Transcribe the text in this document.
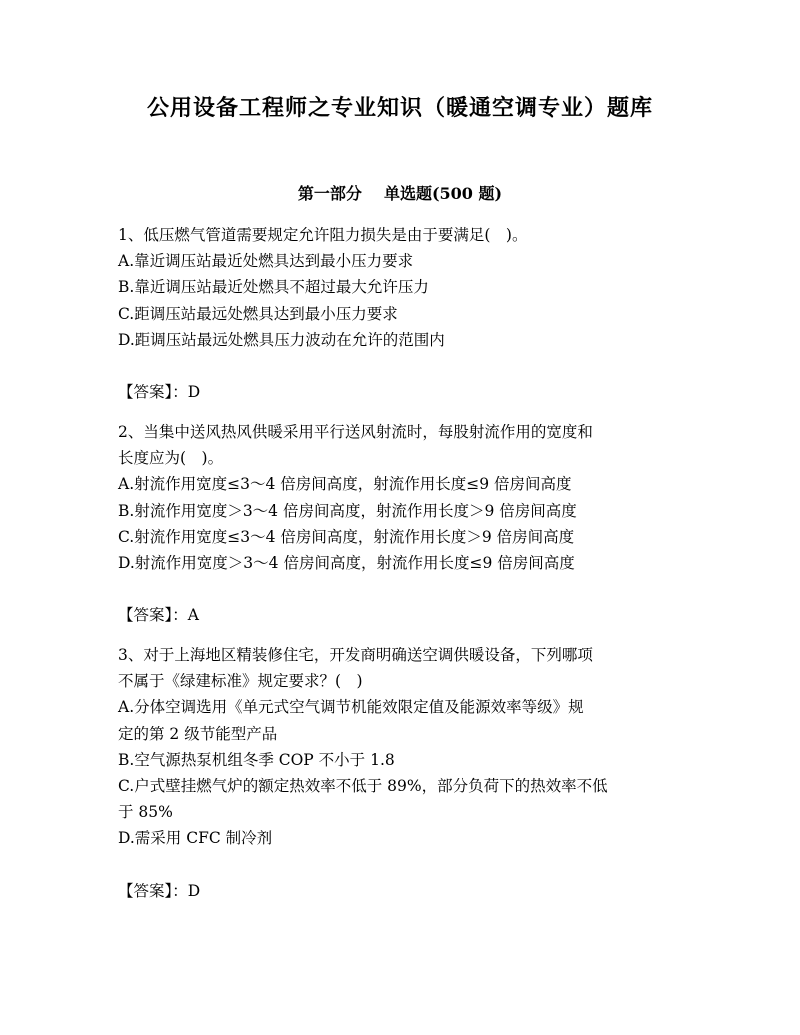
公用设备工程师之专业知识（暖通空调专业）题库
第一部分 单选题(500 题)
1、低压燃气管道需要规定允许阻力损失是由于要满足(　)。
A.靠近调压站最近处燃具达到最小压力要求
B.靠近调压站最近处燃具不超过最大允许压力
C.距调压站最远处燃具达到最小压力要求
D.距调压站最远处燃具压力波动在允许的范围内
【答案】：D
2、当集中送风热风供暖采用平行送风射流时，每股射流作用的宽度和
长度应为(　)。
A.射流作用宽度≤3～4 倍房间高度，射流作用长度≤9 倍房间高度
B.射流作用宽度＞3～4 倍房间高度，射流作用长度＞9 倍房间高度
C.射流作用宽度≤3～4 倍房间高度，射流作用长度＞9 倍房间高度
D.射流作用宽度＞3～4 倍房间高度，射流作用长度≤9 倍房间高度
【答案】：A
3、对于上海地区精装修住宅，开发商明确送空调供暖设备，下列哪项
不属于《绿建标准》规定要求？(　)
A.分体空调选用《单元式空气调节机能效限定值及能源效率等级》规
定的第 2 级节能型产品
B.空气源热泵机组冬季 COP 不小于 1.8
C.户式壁挂燃气炉的额定热效率不低于 89%，部分负荷下的热效率不低
于 85%
D.需采用 CFC 制冷剂
【答案】：D
